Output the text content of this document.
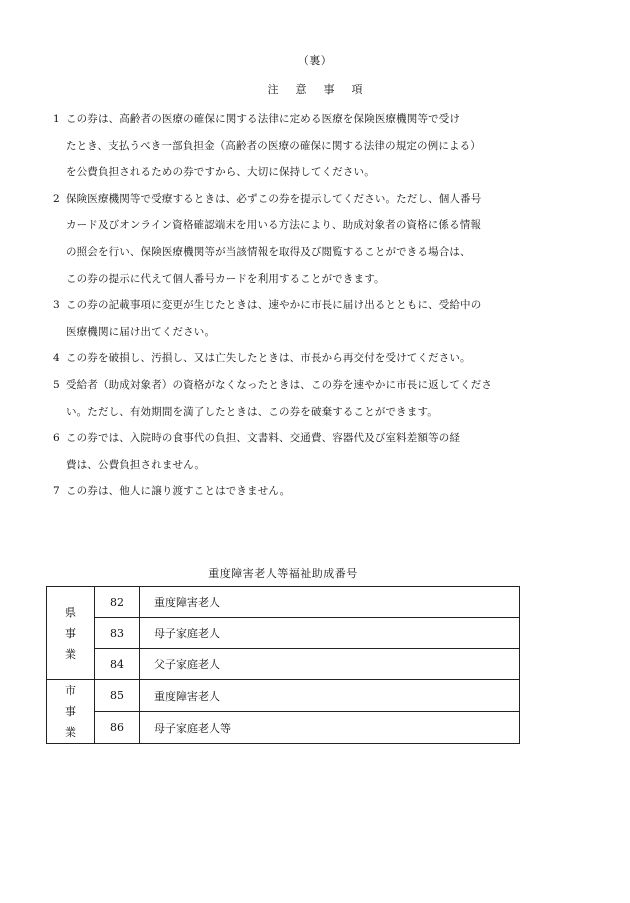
（裏）
注意事項
1 この券は、高齢者の医療の確保に関する法律に定める医療を保険医療機関等で受け
たとき、支払うべき一部負担金（高齢者の医療の確保に関する法律の規定の例による）
を公費負担されるための券ですから、大切に保持してください。
2 保険医療機関等で受療するときは、必ずこの券を提示してください。ただし、個人番号
カード及びオンライン資格確認端末を用いる方法により、助成対象者の資格に係る情報
の照会を行い、保険医療機関等が当該情報を取得及び閲覧することができる場合は、
この券の提示に代えて個人番号カードを利用することができます。
3 この券の記載事項に変更が生じたときは、速やかに市長に届け出るとともに、受給中の
医療機関に届け出てください。
4 この券を破損し、汚損し、又は亡失したときは、市長から再交付を受けてください。
5 受給者（助成対象者）の資格がなくなったときは、この券を速やかに市長に返してくださ
い。ただし、有効期間を満了したときは、この券を破棄することができます。
6 この券では、入院時の食事代の負担、文書料、交通費、容器代及び室料差額等の経
費は、公費負担されません。
7 この券は、他人に譲り渡すことはできません。
重度障害老人等福祉助成番号
県
事
業	82	重度障害老人
	83	母子家庭老人
	84	父子家庭老人

市
事
業	85	重度障害老人
	86	母子家庭老人等
